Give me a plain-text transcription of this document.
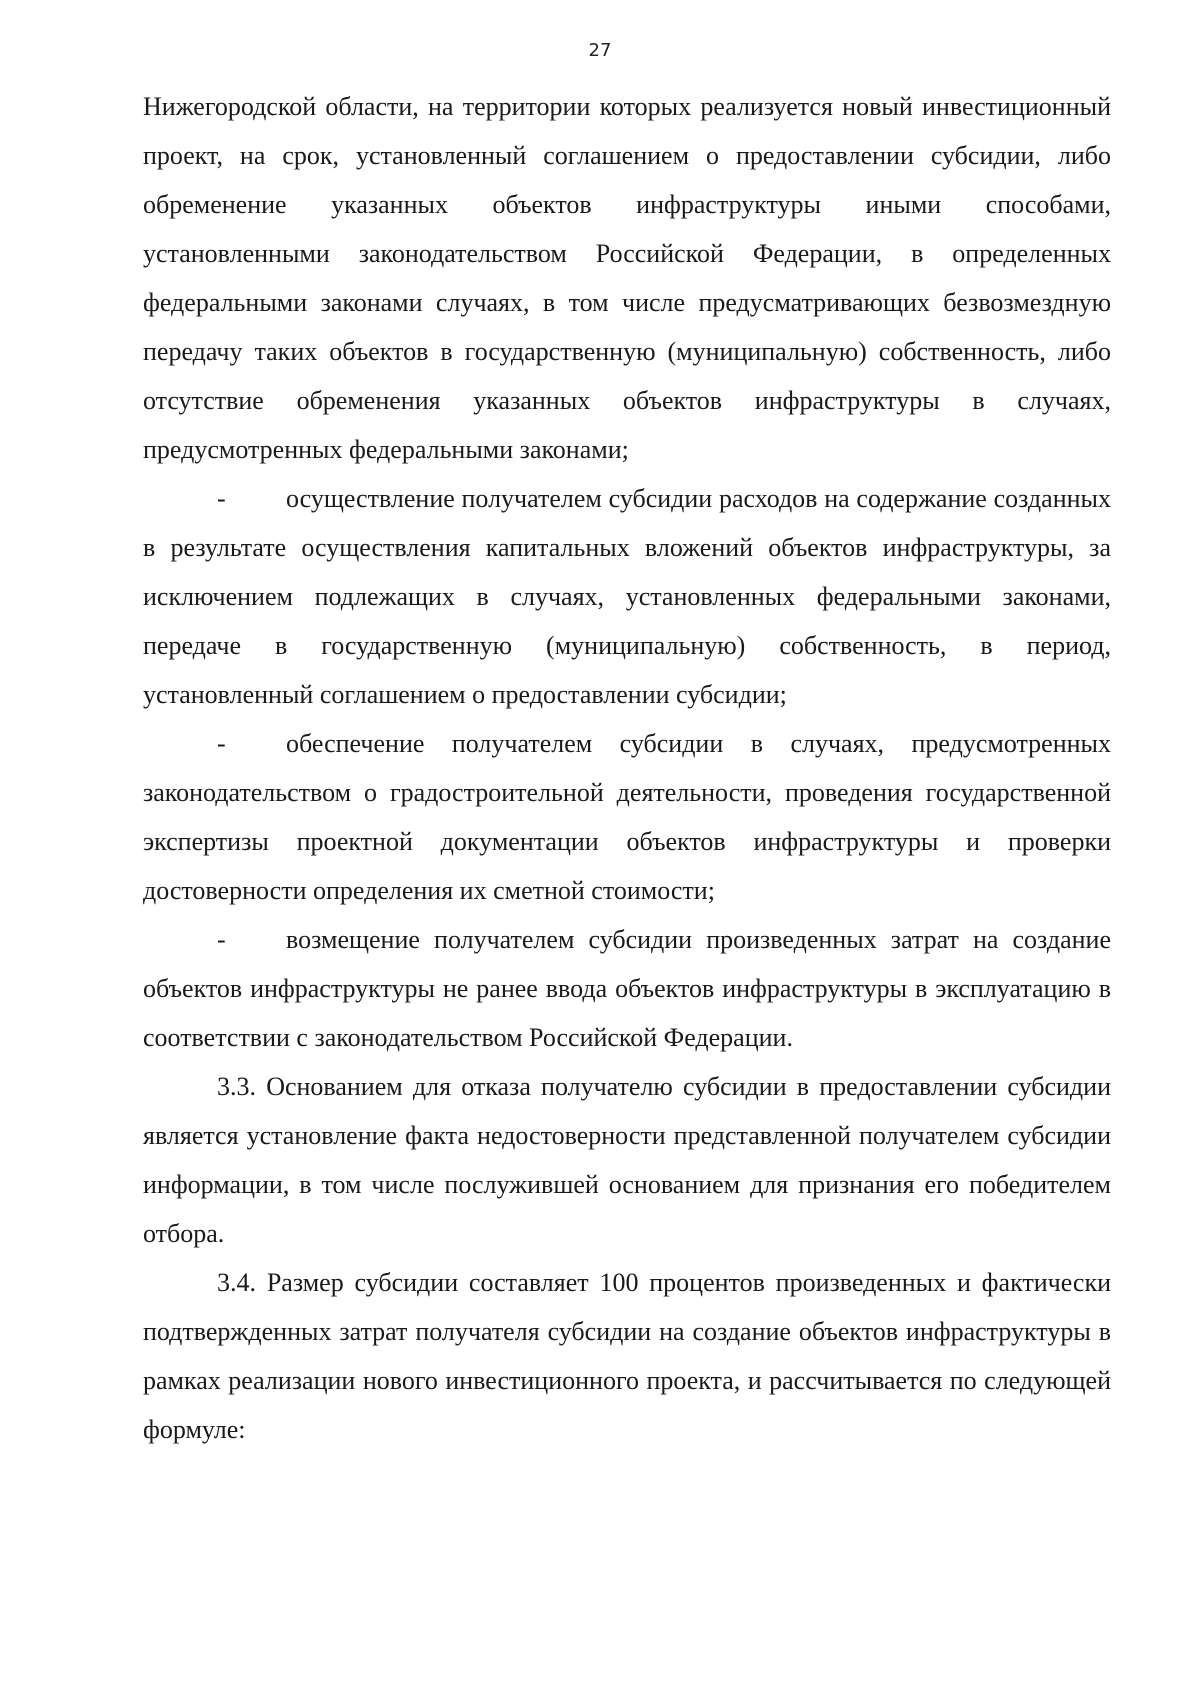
27

Нижегородской области, на территории которых реализуется новый инвестиционный проект, на срок, установленный соглашением о предоставлении субсидии, либо обременение указанных объектов инфраструктуры иными способами, установленными законодательством Российской Федерации, в определенных федеральными законами случаях, в том числе предусматривающих безвозмездную передачу таких объектов в государственную (муниципальную) собственность, либо отсутствие обременения указанных объектов инфраструктуры в случаях, предусмотренных федеральными законами;

- осуществление получателем субсидии расходов на содержание созданных в результате осуществления капитальных вложений объектов инфраструктуры, за исключением подлежащих в случаях, установленных федеральными законами, передаче в государственную (муниципальную) собственность, в период, установленный соглашением о предоставлении субсидии;

- обеспечение получателем субсидии в случаях, предусмотренных законодательством о градостроительной деятельности, проведения государственной экспертизы проектной документации объектов инфраструктуры и проверки достоверности определения их сметной стоимости;

- возмещение получателем субсидии произведенных затрат на создание объектов инфраструктуры не ранее ввода объектов инфраструктуры в эксплуатацию в соответствии с законодательством Российской Федерации.

3.3. Основанием для отказа получателю субсидии в предоставлении субсидии является установление факта недостоверности представленной получателем субсидии информации, в том числе послужившей основанием для признания его победителем отбора.

3.4. Размер субсидии составляет 100 процентов произведенных и фактически подтвержденных затрат получателя субсидии на создание объектов инфраструктуры в рамках реализации нового инвестиционного проекта, и рассчитывается по следующей формуле:
